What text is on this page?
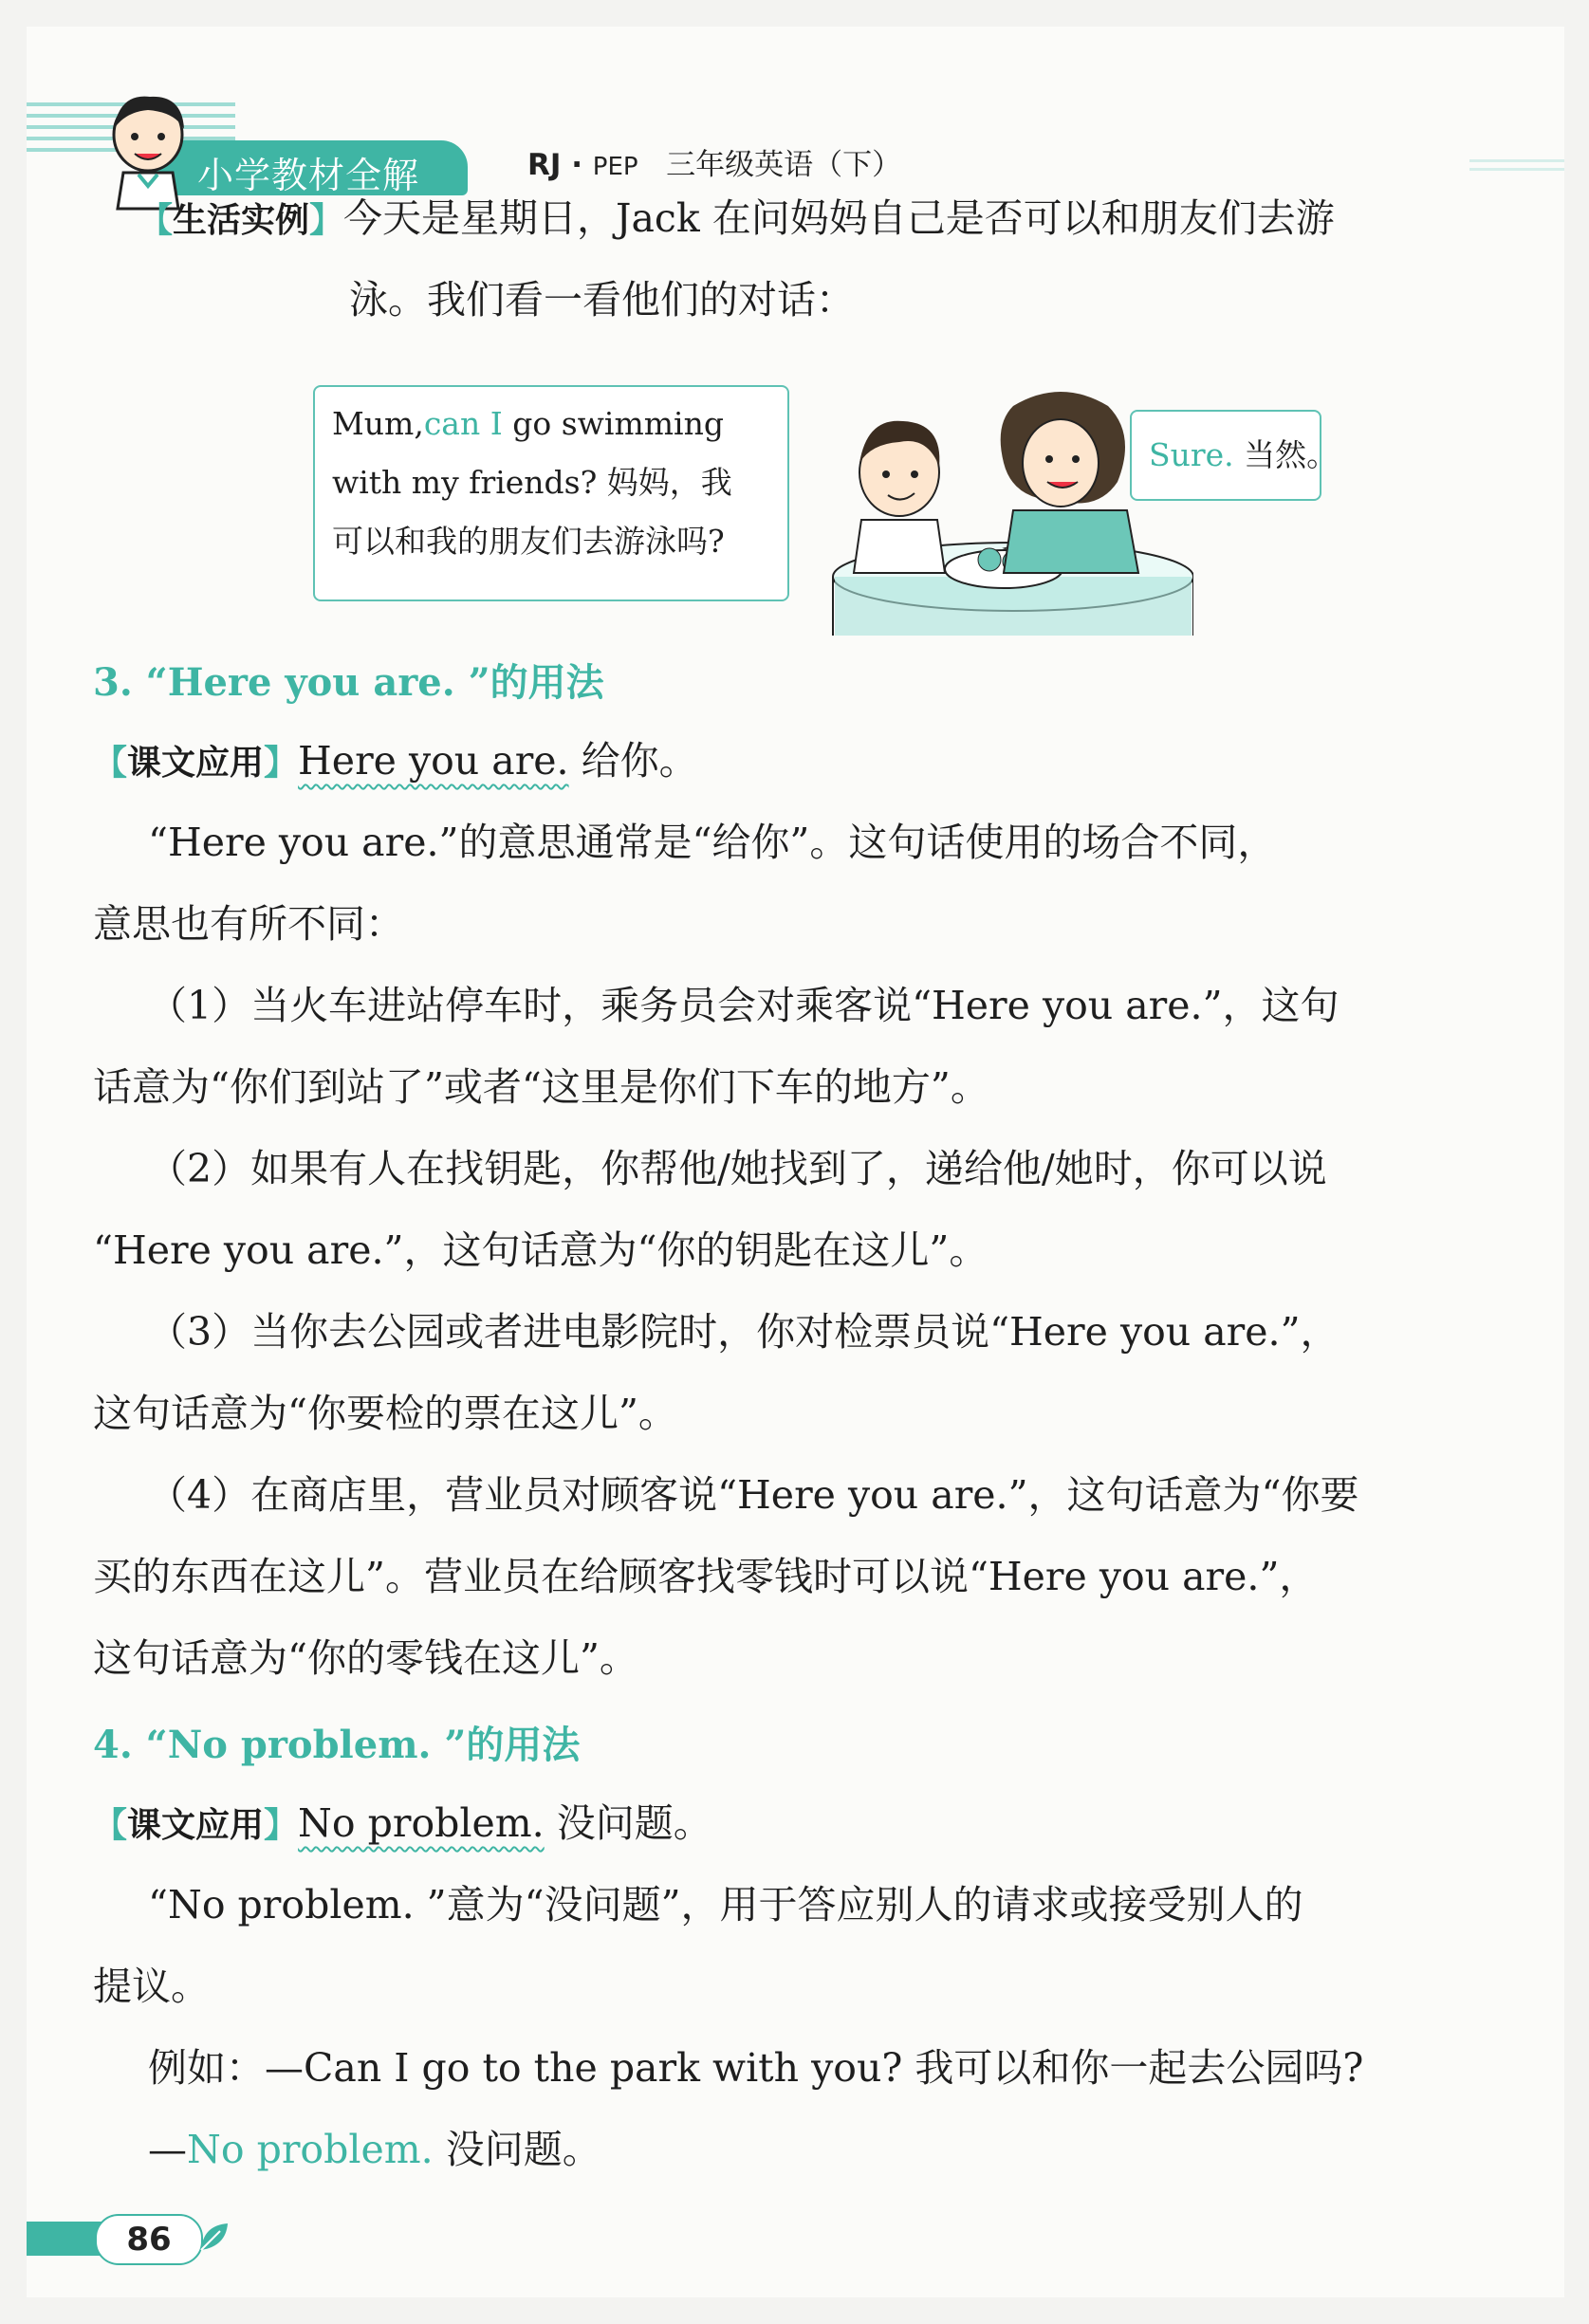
小学教材全解	RJ · PEP 三年级英语（下）
【生活实例】今天是星期日，Jack 在问妈妈自己是否可以和朋友们去游
泳。我们看一看他们的对话：
Mum,can I go swimming
with my friends? 妈妈，我
可以和我的朋友们去游泳吗?
Sure. 当然。
3. “Here you are. ”的用法
【课文应用】Here you are. 给你。
“Here you are.”的意思通常是“给你”。这句话使用的场合不同，
意思也有所不同：
（1）当火车进站停车时，乘务员会对乘客说“Here you are.”，这句
话意为“你们到站了”或者“这里是你们下车的地方”。
（2）如果有人在找钥匙，你帮他/她找到了，递给他/她时，你可以说
“Here you are.”，这句话意为“你的钥匙在这儿”。
（3）当你去公园或者进电影院时，你对检票员说“Here you are.”，
这句话意为“你要检的票在这儿”。
（4）在商店里，营业员对顾客说“Here you are.”，这句话意为“你要
买的东西在这儿”。营业员在给顾客找零钱时可以说“Here you are.”，
这句话意为“你的零钱在这儿”。
4. “No problem. ”的用法
【课文应用】No problem. 没问题。
“No problem. ”意为“没问题”，用于答应别人的请求或接受别人的
提议。
例如：—Can I go to the park with you? 我可以和你一起去公园吗?
—No problem. 没问题。
86
